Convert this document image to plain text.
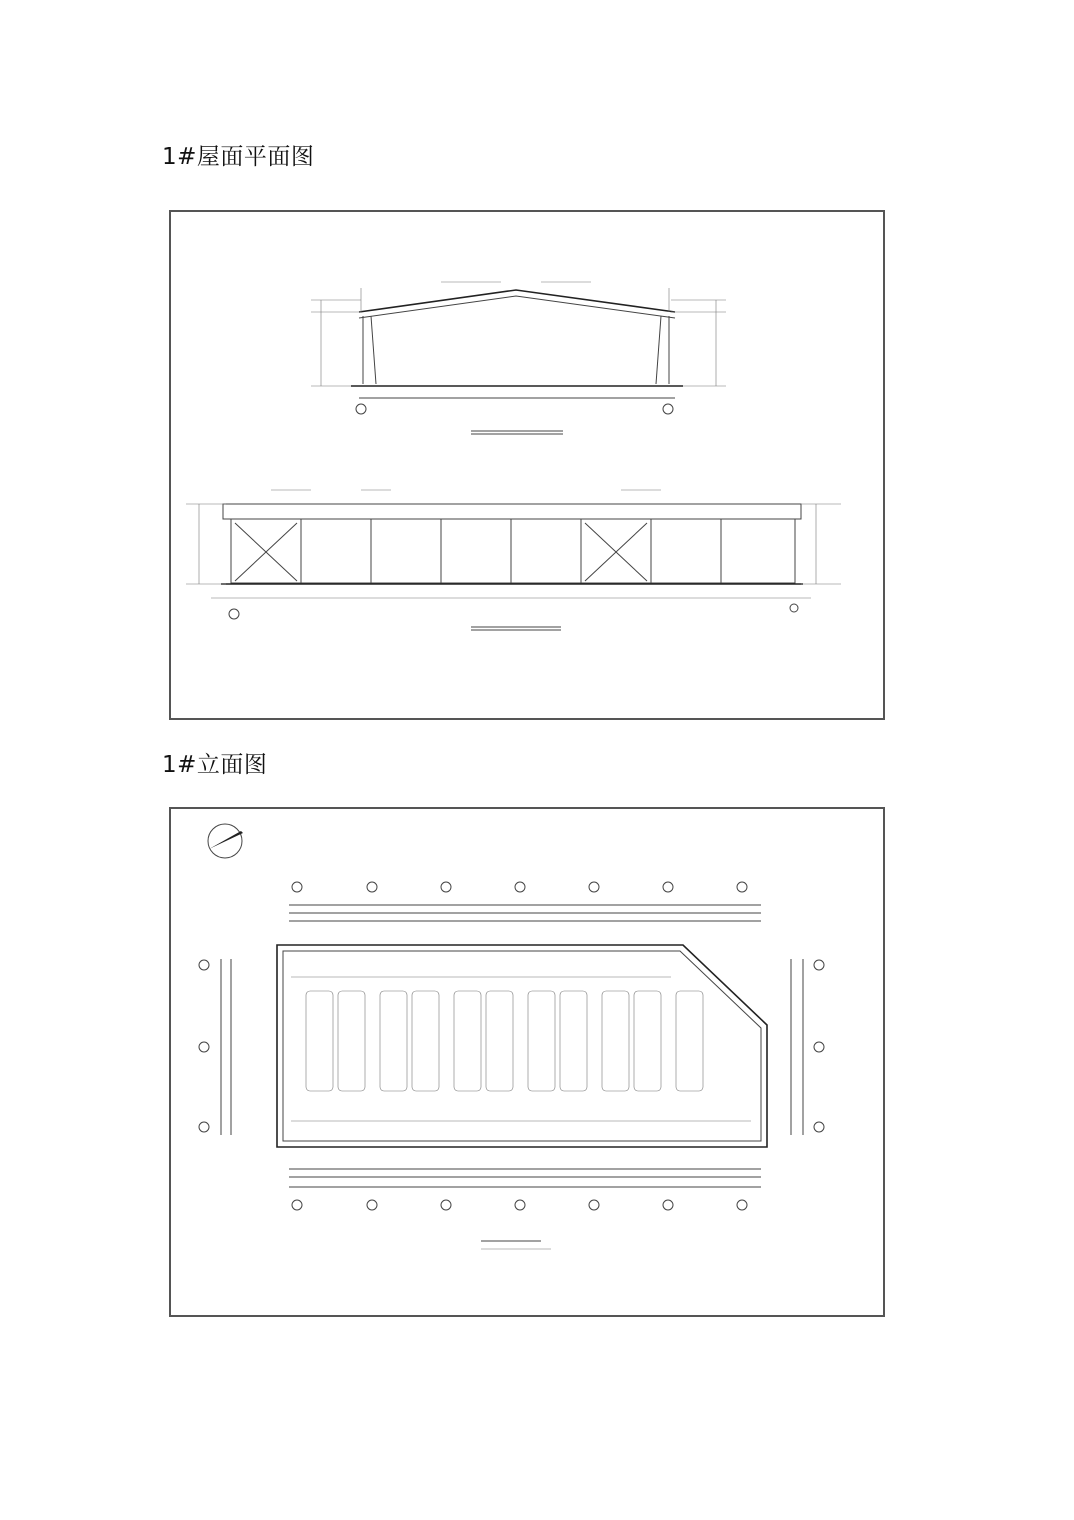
1#屋面平面图
1#立面图
